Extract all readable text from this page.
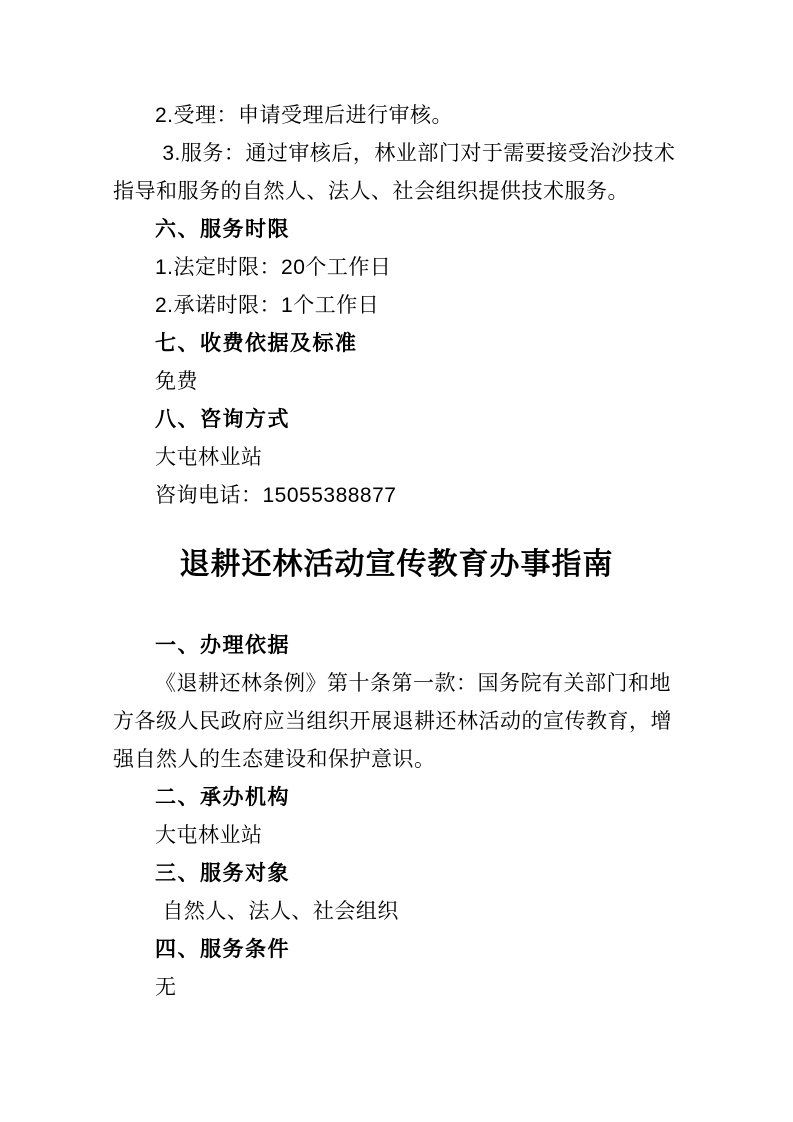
2.受理：申请受理后进行审核。

3.服务：通过审核后，林业部门对于需要接受治沙技术

指导和服务的自然人、法人、社会组织提供技术服务。

六、服务时限

1.法定时限：20个工作日

2.承诺时限：1个工作日

七、收费依据及标准

免费

八、咨询方式

大屯林业站

咨询电话：15055388877

退耕还林活动宣传教育办事指南

一、办理依据

《退耕还林条例》第十条第一款：国务院有关部门和地

方各级人民政府应当组织开展退耕还林活动的宣传教育，增

强自然人的生态建设和保护意识。

二、承办机构

大屯林业站

三、服务对象

自然人、法人、社会组织

四、服务条件

无
